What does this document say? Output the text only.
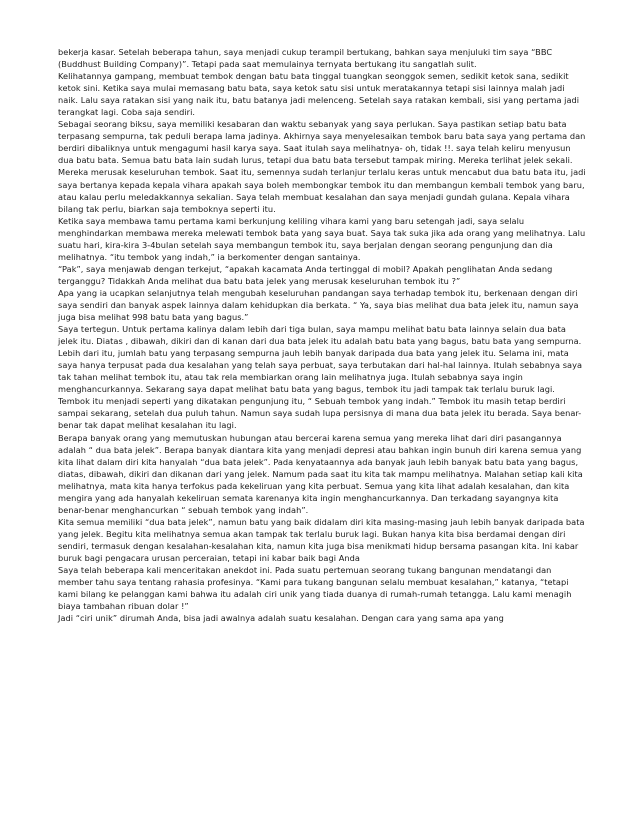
bekerja kasar. Setelah beberapa tahun, saya menjadi cukup terampil bertukang, bahkan saya menjuluki tim saya “BBC (Buddhust Building Company)”. Tetapi pada saat memulainya ternyata bertukang itu sangatlah sulit.

Kelihatannya gampang, membuat tembok dengan batu bata tinggal tuangkan seonggok semen, sedikit ketok sana, sedikit ketok sini. Ketika saya mulai memasang batu bata, saya ketok satu sisi untuk meratakannya tetapi sisi lainnya malah jadi naik. Lalu saya ratakan sisi yang naik itu, batu batanya jadi melenceng. Setelah saya ratakan kembali, sisi yang pertama jadi terangkat lagi. Coba saja sendiri.

Sebagai seorang biksu, saya memiliki kesabaran dan waktu sebanyak yang saya perlukan. Saya pastikan setiap batu bata terpasang sempurna, tak peduli berapa lama jadinya. Akhirnya saya menyelesaikan tembok baru bata saya yang pertama dan berdiri dibaliknya untuk mengagumi hasil karya saya. Saat itulah saya melihatnya- oh, tidak !!. saya telah keliru menyusun dua batu bata. Semua batu bata lain sudah lurus, tetapi dua batu bata tersebut tampak miring. Mereka terlihat jelek sekali. Mereka merusak keseluruhan tembok. Saat itu, semennya sudah terlanjur terlalu keras untuk mencabut dua batu bata itu, jadi saya bertanya kepada kepala vihara apakah saya boleh membongkar tembok itu dan membangun kembali tembok yang baru, atau kalau perlu meledakkannya sekalian. Saya telah membuat kesalahan dan saya menjadi gundah gulana. Kepala vihara bilang tak perlu, biarkan saja temboknya seperti itu.

Ketika saya membawa tamu pertama kami berkunjung keliling vihara kami yang baru setengah jadi, saya selalu menghindarkan membawa mereka melewati tembok bata yang saya buat. Saya tak suka jika ada orang yang melihatnya. Lalu suatu hari, kira-kira 3-4bulan setelah saya membangun tembok itu, saya berjalan dengan seorang pengunjung dan dia melihatnya. “itu tembok yang indah,” ia berkomenter dengan santainya.

“Pak”, saya menjawab dengan terkejut, “apakah kacamata Anda tertinggal di mobil? Apakah penglihatan Anda sedang terganggu? Tidakkah Anda melihat dua batu bata jelek yang merusak keseluruhan tembok itu ?”

Apa yang ia ucapkan selanjutnya telah mengubah keseluruhan pandangan saya terhadap tembok itu, berkenaan dengan diri saya sendiri dan banyak aspek lainnya dalam kehidupkan dia berkata. “ Ya, saya bias melihat dua bata jelek itu, namun saya juga bisa melihat 998 batu bata yang bagus.”

Saya tertegun. Untuk pertama kalinya dalam lebih dari tiga bulan, saya mampu melihat batu bata lainnya selain dua bata jelek itu. Diatas , dibawah, dikiri dan di kanan dari dua bata jelek itu adalah batu bata yang bagus, batu bata yang sempurna. Lebih dari itu, jumlah batu yang terpasang sempurna jauh lebih banyak daripada dua bata yang jelek itu. Selama ini, mata saya hanya terpusat pada dua kesalahan yang telah saya perbuat, saya terbutakan dari hal-hal lainnya. Itulah sebabnya saya tak tahan melihat tembok itu, atau tak rela membiarkan orang lain melihatnya juga. Itulah sebabnya saya ingin menghancurkannya. Sekarang saya dapat melihat batu bata yang bagus, tembok itu jadi tampak tak terlalu buruk lagi. Tembok itu menjadi seperti yang dikatakan pengunjung itu, “ Sebuah tembok yang indah.” Tembok itu masih tetap berdiri sampai sekarang, setelah dua puluh tahun. Namun saya sudah lupa persisnya di mana dua bata jelek itu berada. Saya benar-benar tak dapat melihat kesalahan itu lagi.

Berapa banyak orang yang memutuskan hubungan atau bercerai karena semua yang mereka lihat dari diri pasangannya adalah “ dua bata jelek”. Berapa banyak diantara kita yang menjadi depresi atau bahkan ingin bunuh diri karena semua yang kita lihat dalam diri kita hanyalah “dua bata jelek”. Pada kenyataannya ada banyak jauh lebih banyak batu bata yang bagus, diatas, dibawah, dikiri dan dikanan dari yang jelek. Namum pada saat itu kita tak mampu melihatnya. Malahan setiap kali kita melihatnya, mata kita hanya terfokus pada kekeliruan yang kita perbuat. Semua yang kita lihat adalah kesalahan, dan kita mengira yang ada hanyalah kekeliruan semata karenanya kita ingin menghancurkannya. Dan terkadang sayangnya kita benar-benar menghancurkan “ sebuah tembok yang indah”.

Kita semua memiliki “dua bata jelek”, namun batu yang baik didalam diri kita masing-masing jauh lebih banyak daripada bata yang jelek. Begitu kita melihatnya semua akan tampak tak terlalu buruk lagi. Bukan hanya kita bisa berdamai dengan diri sendiri, termasuk dengan kesalahan-kesalahan kita, namun kita juga bisa menikmati hidup bersama pasangan kita. Ini kabar buruk bagi pengacara urusan perceraian, tetapi ini kabar baik bagi Anda

Saya telah beberapa kali menceritakan anekdot ini. Pada suatu pertemuan seorang tukang bangunan mendatangi dan member tahu saya tentang rahasia profesinya. “Kami para tukang bangunan selalu membuat kesalahan,” katanya, “tetapi kami bilang ke pelanggan kami bahwa itu adalah ciri unik yang tiada duanya di rumah-rumah tetangga. Lalu kami menagih biaya tambahan ribuan dolar !”

Jadi “ciri unik” dirumah Anda, bisa jadi awalnya adalah suatu kesalahan. Dengan cara yang sama apa yang
